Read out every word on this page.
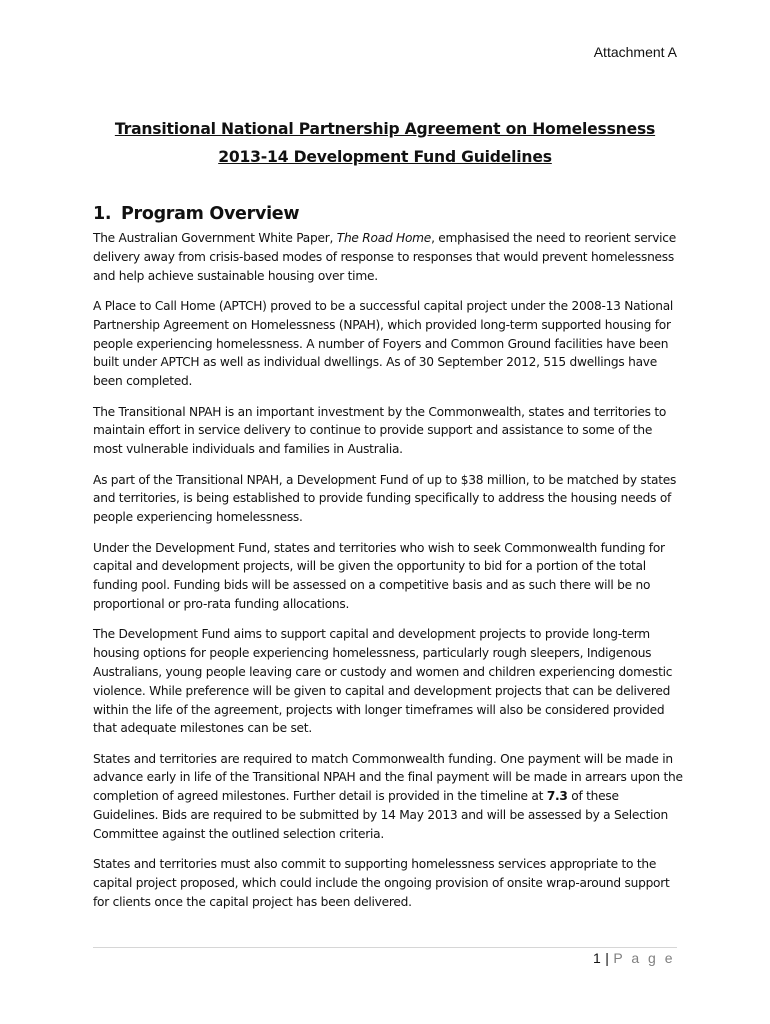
Attachment A
Transitional National Partnership Agreement on Homelessness
2013-14 Development Fund Guidelines
1. Program Overview

The Australian Government White Paper, The Road Home, emphasised the need to reorient service delivery away from crisis-based modes of response to responses that would prevent homelessness and help achieve sustainable housing over time.

A Place to Call Home (APTCH) proved to be a successful capital project under the 2008-13 National Partnership Agreement on Homelessness (NPAH), which provided long-term supported housing for people experiencing homelessness. A number of Foyers and Common Ground facilities have been built under APTCH as well as individual dwellings. As of 30 September 2012, 515 dwellings have been completed.

The Transitional NPAH is an important investment by the Commonwealth, states and territories to maintain effort in service delivery to continue to provide support and assistance to some of the most vulnerable individuals and families in Australia.

As part of the Transitional NPAH, a Development Fund of up to $38 million, to be matched by states and territories, is being established to provide funding specifically to address the housing needs of people experiencing homelessness.

Under the Development Fund, states and territories who wish to seek Commonwealth funding for capital and development projects, will be given the opportunity to bid for a portion of the total funding pool. Funding bids will be assessed on a competitive basis and as such there will be no proportional or pro-rata funding allocations.

The Development Fund aims to support capital and development projects to provide long-term housing options for people experiencing homelessness, particularly rough sleepers, Indigenous Australians, young people leaving care or custody and women and children experiencing domestic violence. While preference will be given to capital and development projects that can be delivered within the life of the agreement, projects with longer timeframes will also be considered provided that adequate milestones can be set.

States and territories are required to match Commonwealth funding. One payment will be made in advance early in life of the Transitional NPAH and the final payment will be made in arrears upon the completion of agreed milestones. Further detail is provided in the timeline at 7.3 of these Guidelines. Bids are required to be submitted by 14 May 2013 and will be assessed by a Selection Committee against the outlined selection criteria.

States and territories must also commit to supporting homelessness services appropriate to the capital project proposed, which could include the ongoing provision of onsite wrap-around support for clients once the capital project has been delivered.

1 | P a g e
